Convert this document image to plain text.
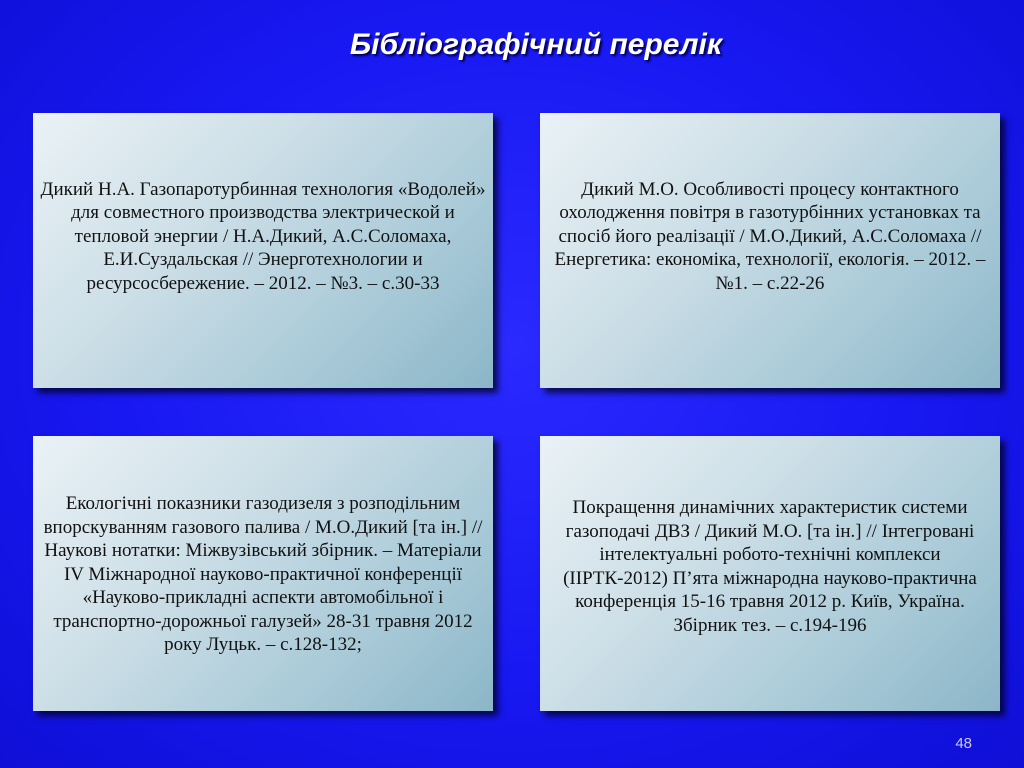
Бібліографічний перелік
Дикий Н.А. Газопаротурбинная технология «Водолей» для совместного производства электрической и тепловой энергии / Н.А.Дикий, А.С.Соломаха, Е.И.Суздальская // Энерготехнологии и ресурсосбережение. – 2012. – №3. – с.30-33
Дикий М.О. Особливості процесу контактного охолодження повітря в газотурбінних установках та спосіб його реалізації / М.О.Дикий, А.С.Соломаха // Енергетика: економіка, технології, екологія. – 2012. – №1. – с.22-26
Екологічні показники газодизеля з розподільним впорскуванням газового палива / М.О.Дикий [та ін.] // Наукові нотатки: Міжвузівський збірник. – Матеріали IV Міжнародної науково-практичної конференції «Науково-прикладні аспекти автомобільної і транспортно-дорожньої галузей» 28-31 травня 2012 року Луцьк. – с.128-132;
Покращення динамічних характеристик системи газоподачі ДВЗ / Дикий М.О. [та ін.] // Інтегровані інтелектуальні робото-технічні комплекси (ІІРТК-2012) П’ята міжнародна науково-практична конференція 15-16 травня 2012 р. Київ, Україна. Збірник тез. – с.194-196
48
